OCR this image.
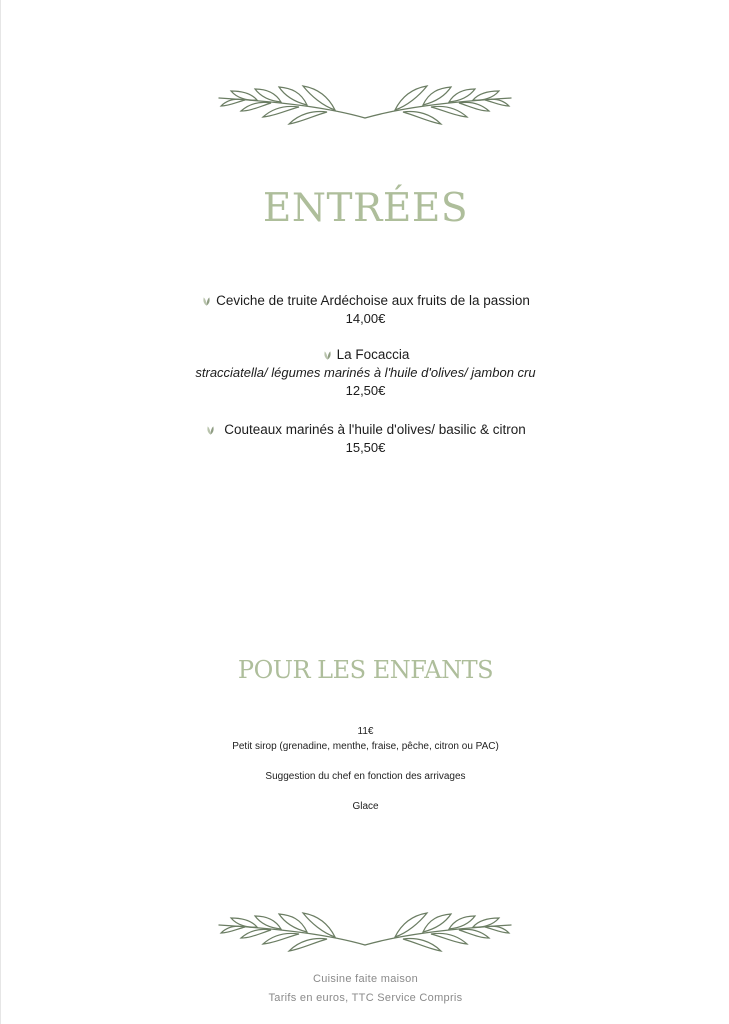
ENTRÉES
Ceviche de truite Ardéchoise aux fruits de la passion
14,00€
La Focaccia
stracciatella/ légumes marinés à l'huile d'olives/ jambon cru
12,50€
Couteaux marinés à l'huile d'olives/ basilic & citron
15,50€
POUR LES ENFANTS
11€
Petit sirop (grenadine, menthe, fraise, pêche, citron ou PAC)
Suggestion du chef en fonction des arrivages
Glace
Cuisine faite maison
Tarifs en euros, TTC Service Compris
